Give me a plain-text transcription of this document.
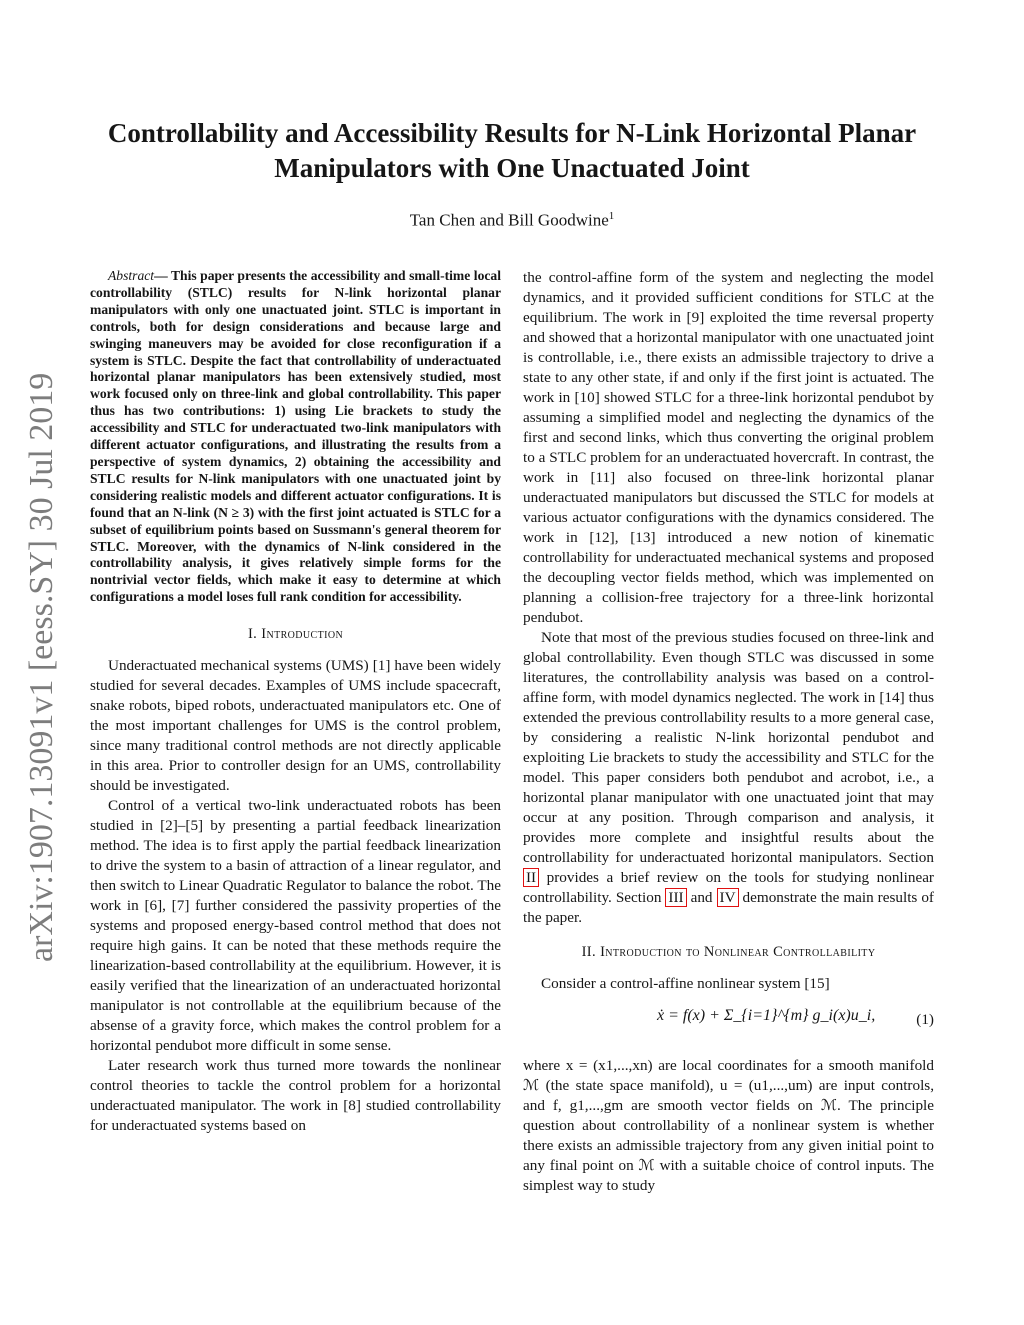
Controllability and Accessibility Results for N-Link Horizontal Planar
Manipulators with One Unactuated Joint
Tan Chen and Bill Goodwine$^1$
arXiv:1907.13091v1 [eess.SY] 30 Jul 2019
Abstract— This paper presents the accessibility and small-time local controllability (STLC) results for N-link horizontal planar manipulators with only one unactuated joint. STLC is important in controls, both for design considerations and because large and swinging maneuvers may be avoided for close reconfiguration if a system is STLC. Despite the fact that controllability of underactuated horizontal planar manipulators has been extensively studied, most work focused only on three-link and global controllability. This paper thus has two contributions: 1) using Lie brackets to study the accessibility and STLC for underactuated two-link manipulators with different actuator configurations, and illustrating the results from a perspective of system dynamics, 2) obtaining the accessibility and STLC results for N-link manipulators with one unactuated joint by considering realistic models and different actuator configurations. It is found that an N-link (N ≥ 3) with the first joint actuated is STLC for a subset of equilibrium points based on Sussmann's general theorem for STLC. Moreover, with the dynamics of N-link considered in the controllability analysis, it gives relatively simple forms for the nontrivial vector fields, which make it easy to determine at which configurations a model loses full rank condition for accessibility.
I. Introduction

Underactuated mechanical systems (UMS) [1] have been widely studied for several decades. Examples of UMS include spacecraft, snake robots, biped robots, underactuated manipulators etc. One of the most important challenges for UMS is the control problem, since many traditional control methods are not directly applicable in this area. Prior to controller design for an UMS, controllability should be investigated.

Control of a vertical two-link underactuated robots has been studied in [2]–[5] by presenting a partial feedback linearization method. The idea is to first apply the partial feedback linearization to drive the system to a basin of attraction of a linear regulator, and then switch to Linear Quadratic Regulator to balance the robot. The work in [6], [7] further considered the passivity properties of the systems and proposed energy-based control method that does not require high gains. It can be noted that these methods require the linearization-based controllability at the equilibrium. However, it is easily verified that the linearization of an underactuated horizontal manipulator is not controllable at the equilibrium because of the absense of a gravity force, which makes the control problem for a horizontal pendubot more difficult in some sense.

Later research work thus turned more towards the nonlinear control theories to tackle the control problem for a horizontal underactuated manipulator. The work in [8] studied controllability for underactuated systems based on

the control-affine form of the system and neglecting the model dynamics, and it provided sufficient conditions for STLC at the equilibrium. The work in [9] exploited the time reversal property and showed that a horizontal manipulator with one unactuated joint is controllable, i.e., there exists an admissible trajectory to drive a state to any other state, if and only if the first joint is actuated. The work in [10] showed STLC for a three-link horizontal pendubot by assuming a simplified model and neglecting the dynamics of the first and second links, which thus converting the original problem to a STLC problem for an underactuated hovercraft. In contrast, the work in [11] also focused on three-link horizontal planar underactuated manipulators but discussed the STLC for models at various actuator configurations with the dynamics considered. The work in [12], [13] introduced a new notion of kinematic controllability for underactuated mechanical systems and proposed the decoupling vector fields method, which was implemented on planning a collision-free trajectory for a three-link horizontal pendubot.

Note that most of the previous studies focused on three-link and global controllability. Even though STLC was discussed in some literatures, the controllability analysis was based on a control-affine form, with model dynamics neglected. The work in [14] thus extended the previous controllability results to a more general case, by considering a realistic N-link horizontal pendubot and exploiting Lie brackets to study the accessibility and STLC for the model. This paper considers both pendubot and acrobot, i.e., a horizontal planar manipulator with one unactuated joint that may occur at any position. Through comparison and analysis, it provides more complete and insightful results about the controllability for underactuated horizontal manipulators. Section II provides a brief review on the tools for studying nonlinear controllability. Section III and IV demonstrate the main results of the paper.

II. Introduction to Nonlinear Controllability

Consider a control-affine nonlinear system [15]

ẋ = f(x) + Σ_{i=1}^{m} g_i(x)u_i,	(1)

where x = (x1,...,xn) are local coordinates for a smooth manifold ℳ (the state space manifold), u = (u1,...,um) are input controls, and f, g1,...,gm are smooth vector fields on ℳ. The principle question about controllability of a nonlinear system is whether there exists an admissible trajectory from any given initial point to any final point on ℳ with a suitable choice of control inputs. The simplest way to study
